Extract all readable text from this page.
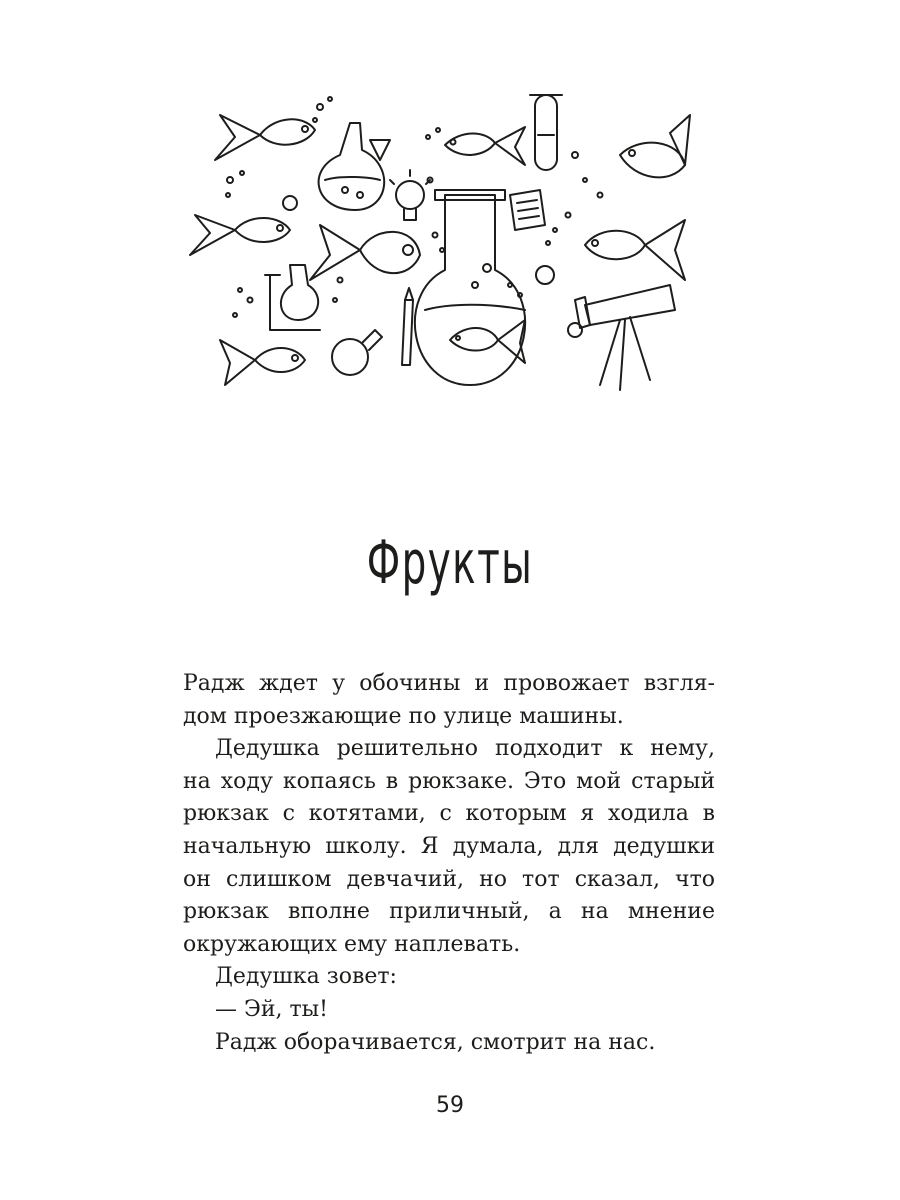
Фрукты

Радж ждет у обочины и провожает взгля-
дом проезжающие по улице машины.

Дедушка решительно подходит к нему,
на ходу копаясь в рюкзаке. Это мой старый
рюкзак с котятами, с которым я ходила в
начальную школу. Я думала, для дедушки
он слишком девчачий, но тот сказал, что
рюкзак вполне приличный, а на мнение
окружающих ему наплевать.

Дедушка зовет:

— Эй, ты!

Радж оборачивается, смотрит на нас.

59
